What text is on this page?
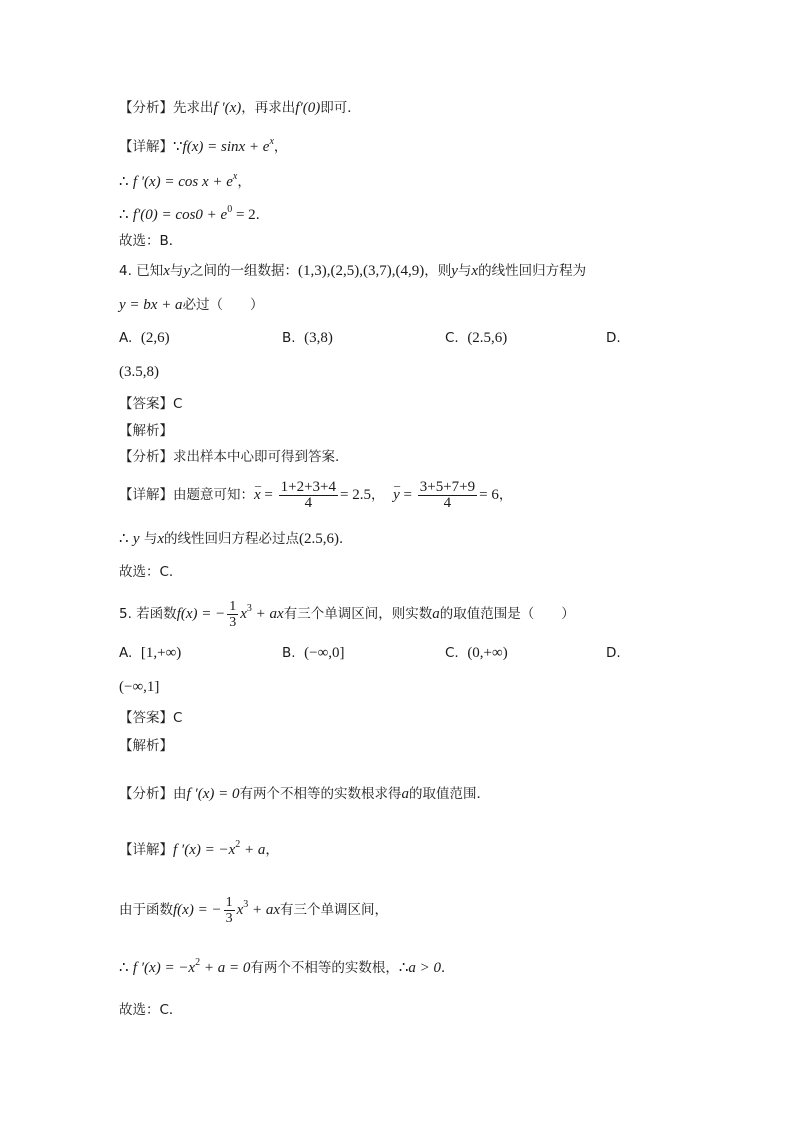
【分析】先求出f '(x)，再求出f′(0)即可．
【详解】∵f(x) = $\sin x + e^x$，
∴ f '$(x) = \cos x + e^x$，
∴ $f'(0) = \cos 0 + e^0 = 2$．
故选：B．
4. 已知x与y之间的一组数据：(1,3),(2,5),(3,7),(4,9)，则y与x的线性回归方程为
y = bx + a必过（　　）
A. (2,6)	B. (3,8)	C. (2.5,6)	D.
(3.5,8)
【答案】C
【解析】
【分析】求出样本中心即可得到答案.
【详解】由题意可知：– $x = \frac{1+2+3+4}{4} = 2.5$，  – $y = \frac{3+5+7+9}{4} = 6$，
∴ y 与x的线性回归方程必过点(2.5,6)．
故选：C.
5. 若函数f(x) = − $\frac{1}{3} x^3$ + ax有三个单调区间，则实数a的取值范围是（　　）
A. [1,+∞)	B. (−∞,0]	C. (0,+∞)	D.
(−∞,1]
【答案】C
【解析】
【分析】由f ′(x) = 0有两个不相等的实数根求得a的取值范围．
【详解】f $'(x) = -x^2 + a$，
由于函数f(x) = − $\frac{1}{3} x^3$ + ax有三个单调区间，
∴ f $'(x) = -x^2 + a = 0$有两个不相等的实数根，∴a > 0．
故选：C．
